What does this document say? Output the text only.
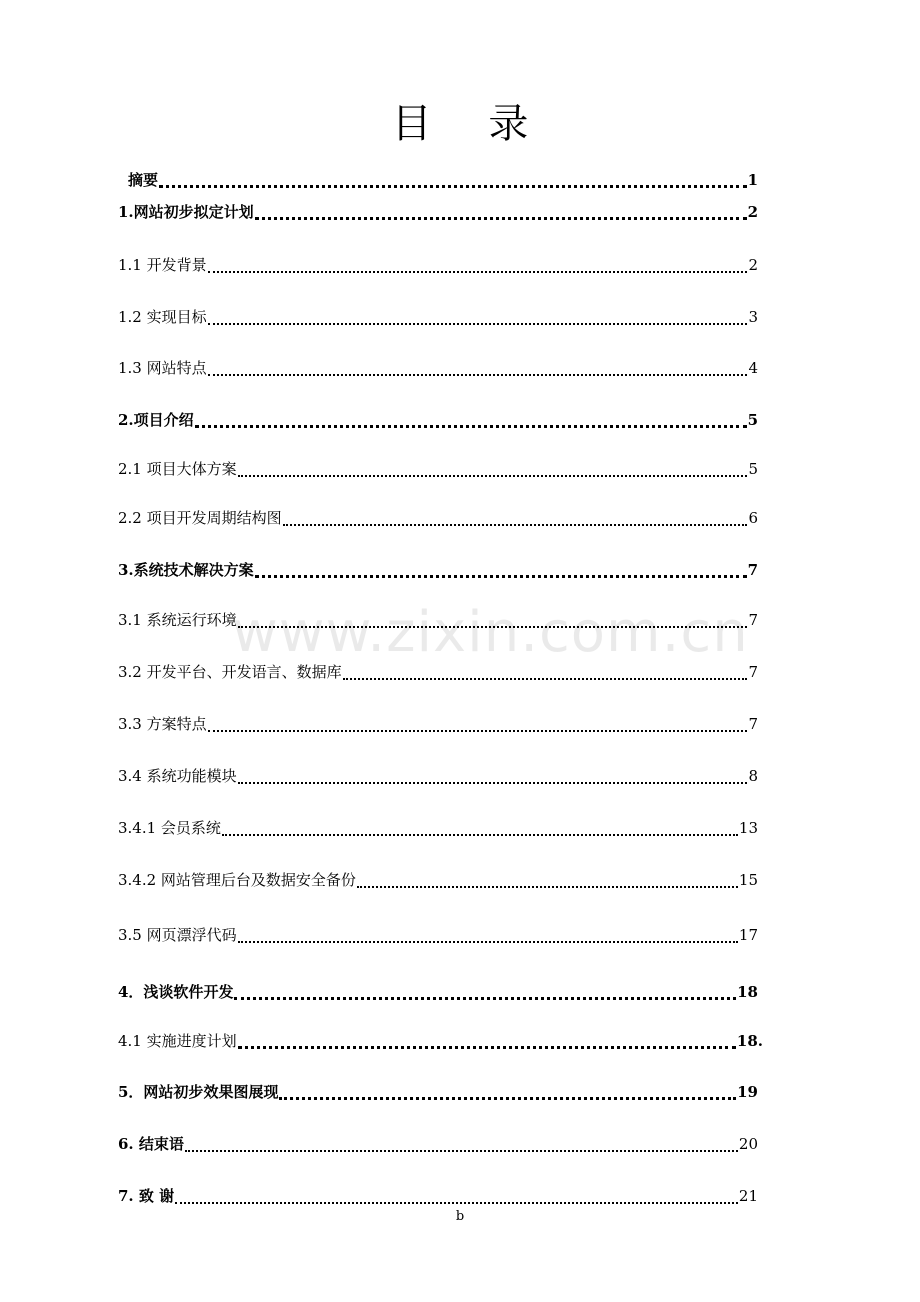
目 录
摘要	1
1.网站初步拟定计划	2
1.1 开发背景	2
1.2 实现目标	3
1.3 网站特点	4
2.项目介绍	5
2.1 项目大体方案	5
2.2 项目开发周期结构图	6
3.系统技术解决方案	7
3.1 系统运行环境	7
3.2 开发平台、开发语言、数据库	7
3.3 方案特点	7
3.4 系统功能模块	8
3.4.1 会员系统	13
3.4.2 网站管理后台及数据安全备份	15
3.5 网页漂浮代码	17
4．浅谈软件开发	18
4.1 实施进度计划	18.
5．网站初步效果图展现	19
6. 结束语	20
7. 致 谢	21
www.zixin.com.cn
b
